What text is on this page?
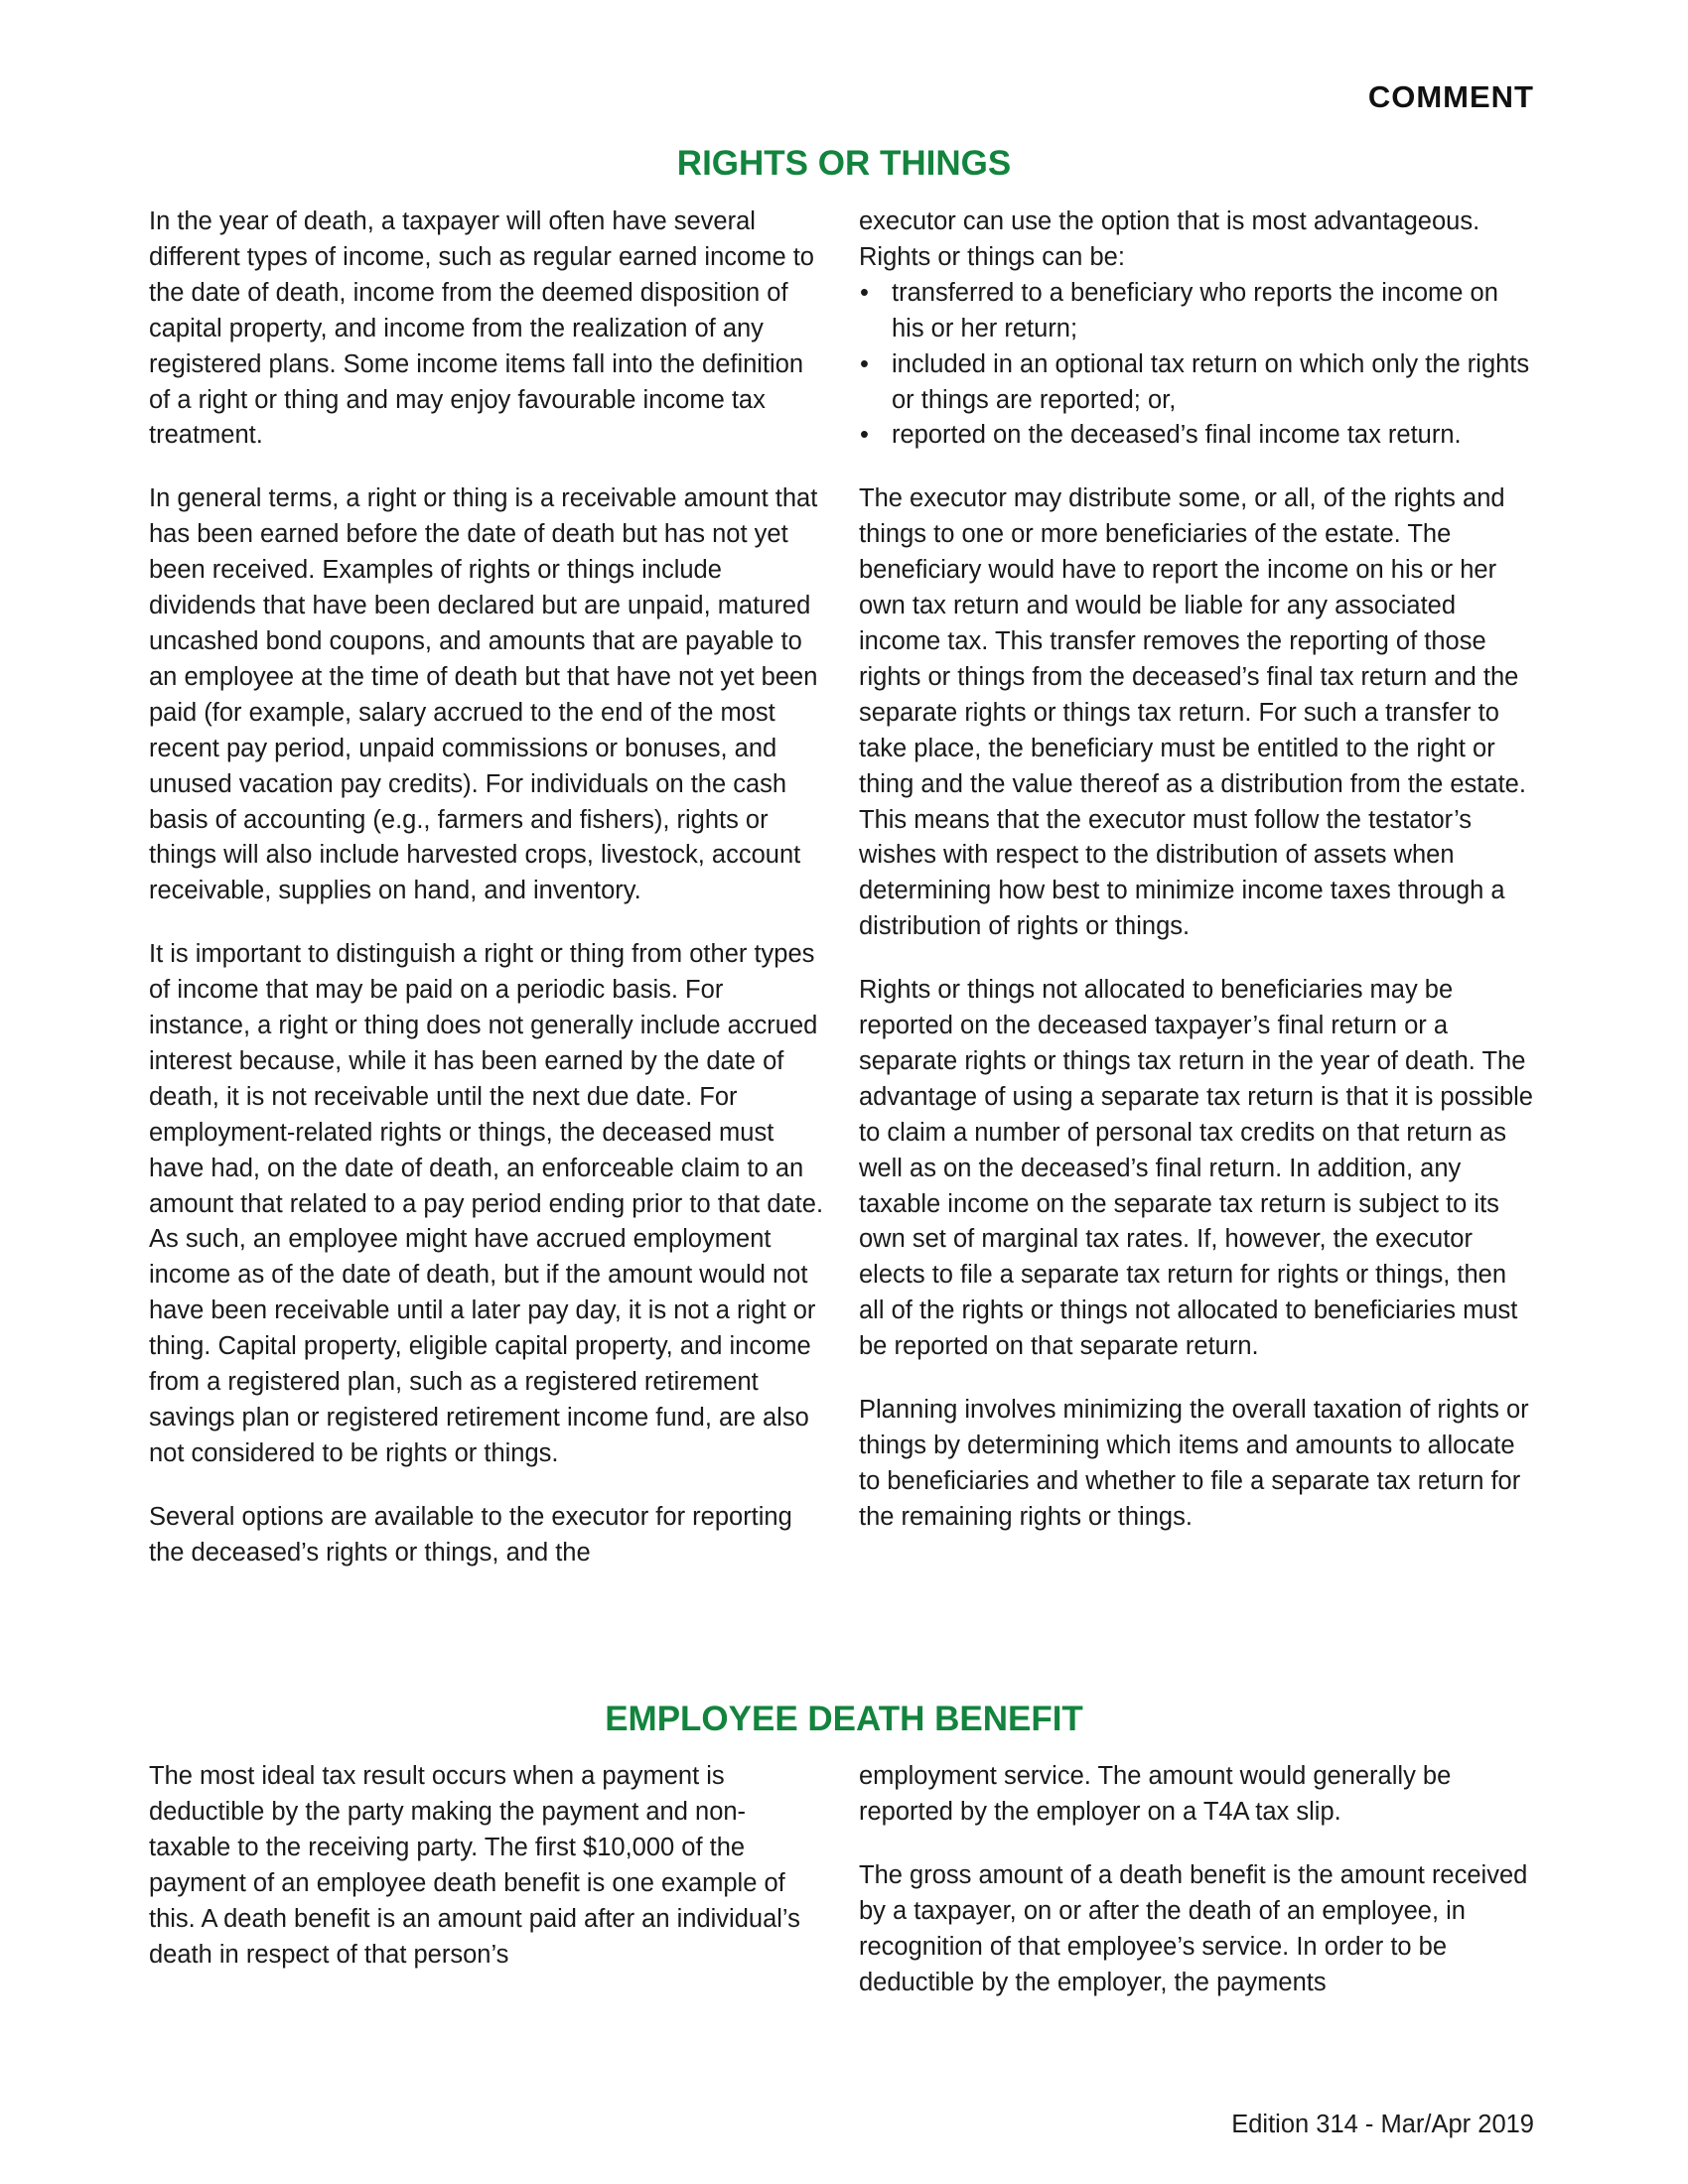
COMMENT
RIGHTS OR THINGS

In the year of death, a taxpayer will often have several different types of income, such as regular earned income to the date of death, income from the deemed disposition of capital property, and income from the realization of any registered plans. Some income items fall into the definition of a right or thing and may enjoy favourable income tax treatment.

In general terms, a right or thing is a receivable amount that has been earned before the date of death but has not yet been received. Examples of rights or things include dividends that have been declared but are unpaid, matured uncashed bond coupons, and amounts that are payable to an employee at the time of death but that have not yet been paid (for example, salary accrued to the end of the most recent pay period, unpaid commissions or bonuses, and unused vacation pay credits). For individuals on the cash basis of accounting (e.g., farmers and fishers), rights or things will also include harvested crops, livestock, account receivable, supplies on hand, and inventory.

It is important to distinguish a right or thing from other types of income that may be paid on a periodic basis. For instance, a right or thing does not generally include accrued interest because, while it has been earned by the date of death, it is not receivable until the next due date. For employment-related rights or things, the deceased must have had, on the date of death, an enforceable claim to an amount that related to a pay period ending prior to that date. As such, an employee might have accrued employment income as of the date of death, but if the amount would not have been receivable until a later pay day, it is not a right or thing. Capital property, eligible capital property, and income from a registered plan, such as a registered retirement savings plan or registered retirement income fund, are also not considered to be rights or things.

Several options are available to the executor for reporting the deceased’s rights or things, and the

executor can use the option that is most advantageous. Rights or things can be:

• transferred to a beneficiary who reports the income on his or her return;
• included in an optional tax return on which only the rights or things are reported; or,
• reported on the deceased’s final income tax return.

The executor may distribute some, or all, of the rights and things to one or more beneficiaries of the estate. The beneficiary would have to report the income on his or her own tax return and would be liable for any associated income tax. This transfer removes the reporting of those rights or things from the deceased’s final tax return and the separate rights or things tax return. For such a transfer to take place, the beneficiary must be entitled to the right or thing and the value thereof as a distribution from the estate. This means that the executor must follow the testator’s wishes with respect to the distribution of assets when determining how best to minimize income taxes through a distribution of rights or things.

Rights or things not allocated to beneficiaries may be reported on the deceased taxpayer’s final return or a separate rights or things tax return in the year of death. The advantage of using a separate tax return is that it is possible to claim a number of personal tax credits on that return as well as on the deceased’s final return. In addition, any taxable income on the separate tax return is subject to its own set of marginal tax rates. If, however, the executor elects to file a separate tax return for rights or things, then all of the rights or things not allocated to beneficiaries must be reported on that separate return.

Planning involves minimizing the overall taxation of rights or things by determining which items and amounts to allocate to beneficiaries and whether to file a separate tax return for the remaining rights or things.

EMPLOYEE DEATH BENEFIT

The most ideal tax result occurs when a payment is deductible by the party making the payment and non-taxable to the receiving party. The first $10,000 of the payment of an employee death benefit is one example of this. A death benefit is an amount paid after an individual’s death in respect of that person’s

employment service. The amount would generally be reported by the employer on a T4A tax slip.

The gross amount of a death benefit is the amount received by a taxpayer, on or after the death of an employee, in recognition of that employee’s service. In order to be deductible by the employer, the payments

Edition 314 - Mar/Apr 2019
